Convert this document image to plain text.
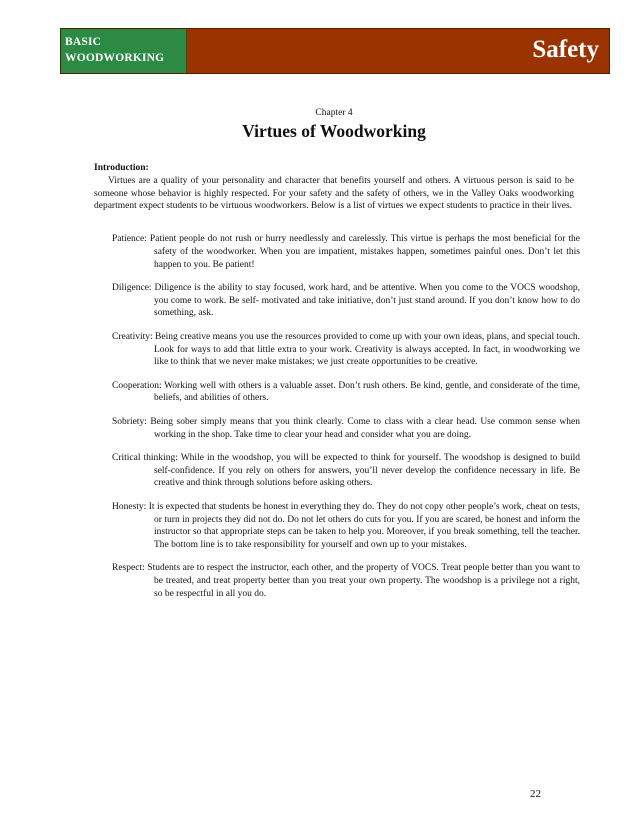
BASIC
WOODWORKING	Safety
Chapter 4
Virtues of Woodworking
Introduction:
Virtues are a quality of your personality and character that benefits yourself and others. A virtuous person is said to be someone whose behavior is highly respected. For your safety and the safety of others, we in the Valley Oaks woodworking department expect students to be virtuous woodworkers. Below is a list of virtues we expect students to practice in their lives.

Patience: Patient people do not rush or hurry needlessly and carelessly. This virtue is perhaps the most beneficial for the safety of the woodworker. When you are impatient, mistakes happen, sometimes painful ones. Don’t let this happen to you. Be patient!

Diligence: Diligence is the ability to stay focused, work hard, and be attentive. When you come to the VOCS woodshop, you come to work. Be self- motivated and take initiative, don’t just stand around. If you don’t know how to do something, ask.

Creativity: Being creative means you use the resources provided to come up with your own ideas, plans, and special touch. Look for ways to add that little extra to your work. Creativity is always accepted. In fact, in woodworking we like to think that we never make mistakes; we just create opportunities to be creative.

Cooperation: Working well with others is a valuable asset. Don’t rush others. Be kind, gentle, and considerate of the time, beliefs, and abilities of others.

Sobriety: Being sober simply means that you think clearly. Come to class with a clear head. Use common sense when working in the shop. Take time to clear your head and consider what you are doing.

Critical thinking: While in the woodshop, you will be expected to think for yourself. The woodshop is designed to build self-confidence. If you rely on others for answers, you’ll never develop the confidence necessary in life. Be creative and think through solutions before asking others.

Honesty: It is expected that students be honest in everything they do. They do not copy other people’s work, cheat on tests, or turn in projects they did not do. Do not let others do cuts for you. If you are scared, be honest and inform the instructor so that appropriate steps can be taken to help you. Moreover, if you break something, tell the teacher. The bottom line is to take responsibility for yourself and own up to your mistakes.

Respect: Students are to respect the instructor, each other, and the property of VOCS. Treat people better than you want to be treated, and treat property better than you treat your own property. The woodshop is a privilege not a right, so be respectful in all you do.

22
